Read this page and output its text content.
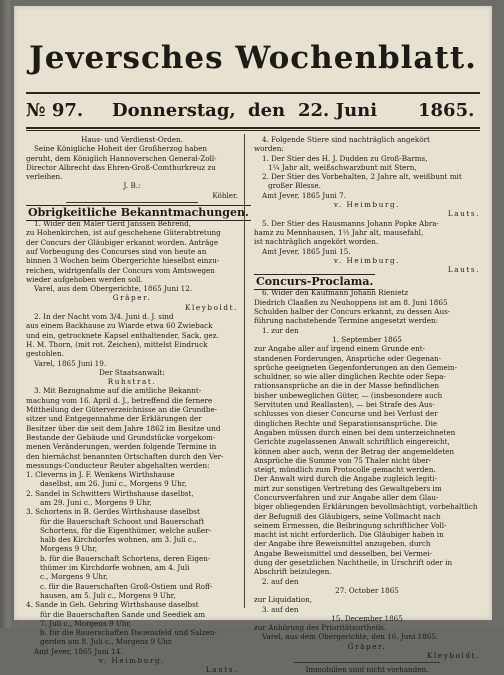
Jeversches Wochenblatt.
№ 97. Donnerstag, den 22. Juni 1865.
Haus- und Verdienst-Orden.
Seine Königliche Hoheit der Großherzog haben
geruht, dem Königlich Hannoverschen General-Zoll-
Director Albrecht das Ehren-Groß-Comthurkreuz zu
verleihen.
J. B.:
Köhler.
Obrigkeitliche Bekanntmachungen.
1. Wider den Maler Gerd Janssen Behrend,
zu Hohenkirchen, ist auf geschehene Güterabtretung
der Concurs der Gläubiger erkannt worden. Anträge
auf Vorbeugung des Concurses sind von heute an
binnen 3 Wochen beim Obergerichte hieselbst einzu-
reichen, widrigenfalls der Concurs vom Amtswegen
wieder aufgehoben werden soll.
Varel, aus dem Obergerichte, 1865 Juni 12.
Gräper.
Kleyboldt.
2. In der Nacht vom 3/4. Juni d. J. sind
aus einem Backhause zu Wiarde etwa 60 Zwieback
und ein, getrocknete Kapsel enthaltender, Sack, gez.
H. M. Thorn, (mit rot. Zeichen), mittelst Eindruck
gestohlen.
Varel, 1865 Juni 19.
Der Staatsanwalt:
Ruhstrat.
3. Mit Bezugnahme auf die amtliche Bekannt-
machung vom 16. April d. J., betreffend die fernere
Mittheilung der Güterverzeichnisse an die Grundbe-
sitzer und Entgegennahme der Erklärungen der
Besitzer über die seit dem Jahre 1862 im Besitze und
Bestande der Gebäude und Grundstücke vorgekom-
menen Veränderungen, werden folgende Termine in
den hiernächst benannten Ortschaften durch den Ver-
messungs-Conducteur Reuter abgehalten werden:
1. Cleverns in J. F. Wenkens Wirthshause
daselbst, am 26. Juni c., Morgens 9 Uhr,
2. Sandel in Schwitters Wirthshause daselbst,
am 29. Juni c., Morgens 9 Uhr,
3. Schortens in B. Gerdes Wirthshause daselbst
für die Bauerschaft Schoost und Bauerschaft
Schortens, für die Eigenthümer, welche außer-
halb des Kirchdorfes wohnen, am 3. Juli c.,
Morgens 9 Uhr,
b. für die Bauerschaft Schortens, deren Eigen-
thümer im Kirchdorfe wohnen, am 4. Juli
c., Morgens 9 Uhr,
c. für die Bauerschaften Groß-Ostiem und Roff-
hausen, am 5. Juli c., Morgens 9 Uhr,
4. Sande in Geh. Gehring Wirthshause daselbst
für die Bauerschaften Sande und Seediek am
7. Juli c., Morgens 9 Uhr,
b. für die Bauerschaften Dauensfeld und Salzen-
gerden am 8. Juli c., Morgens 9 Uhr.
Amt Jever, 1865 Juni 14.
v. Heimburg.
Lauts.
4. Folgende Stiere sind nachträglich angekört
worden:
1. Der Stier des H. J. Dudden zu Groß-Barms,
1¼ Jahr alt, weißschwarzbunt mit Stern,
2. Der Stier des Vorbehalten, 2 Jahre alt, weißbunt mit
großer Blesse.
Amt Jever, 1865 Juni 7.
v. Heimburg.
Lauts.
5. Der Stier des Hausmanns Johann Popke Abra-
hamz zu Mennhausen, 1½ Jahr alt, mausefahl,
ist nachträglich angekört worden.
Amt Jever, 1865 Juni 15.
v. Heimburg.
Lauts.
Concurs-Proclama.
6. Wider den Kaufmann Johann Rienietz
Diedrich Claaßen zu Neuhoppens ist am 8. Juni 1865
Schulden halber der Concurs erkannt, zu dessen Aus-
führung nachstehende Termine angesetzt werden:
1. zur den
1. September 1865
zur Angabe aller auf irgend einem Grunde ent-
standenen Forderungen, Ansprüche oder Gegenan-
sprüche geeigneten Gegenforderungen an den Gemein-
schuldner, so wie aller dinglichen Rechte oder Sepa-
rationsansprüche an die in der Masse befindlichen
bisher unbeweglichen Güter, — (insbesondere auch
Servituten und Reallasten), — bei Strafe des Aus-
schlusses von dieser Concurse und bei Verlust der
dinglichen Rechte und Separationsansprüche. Die
Angaben müssen durch einen bei dem unterzeichneten
Gerichte zugelassenen Anwalt schriftlich eingereicht,
können aber auch, wenn der Betrag der angemeldeten
Ansprüche die Summe von 75 Thaler nicht über-
steigt, mündlich zum Protocolle gemacht werden.
Der Anwalt wird durch die Angabe zugleich legiti-
mirt zur sonstigen Vertretung des Gewaltgebers im
Concursverfahren und zur Angabe aller dem Glau-
biger obliegenden Erklärungen bevollmächtigt, vorbehaltlich
der Befugniß des Gläubigers, seine Vollmacht nach
seinem Ermessen, die Beibringung schriftlicher Voll-
macht ist nicht erforderlich. Die Gläubiger haben in
der Angabe ihre Beweismittel anzugeben, durch
Angabe Beweismittel und desselben, bei Vermei-
dung der gesetzlichen Nachtheile, in Urschrift oder in
Abschrift beizulegen.
2. auf den
27. October 1865
zur Liquidation,
3. auf den
15. December 1865
zur Anhörung des Prioritätsurtheils.
Varel, aus dem Obergerichte, den 16. Juni 1865.
Gräper.
Kleyboldt.
Immobilien sind nicht vorhanden.
